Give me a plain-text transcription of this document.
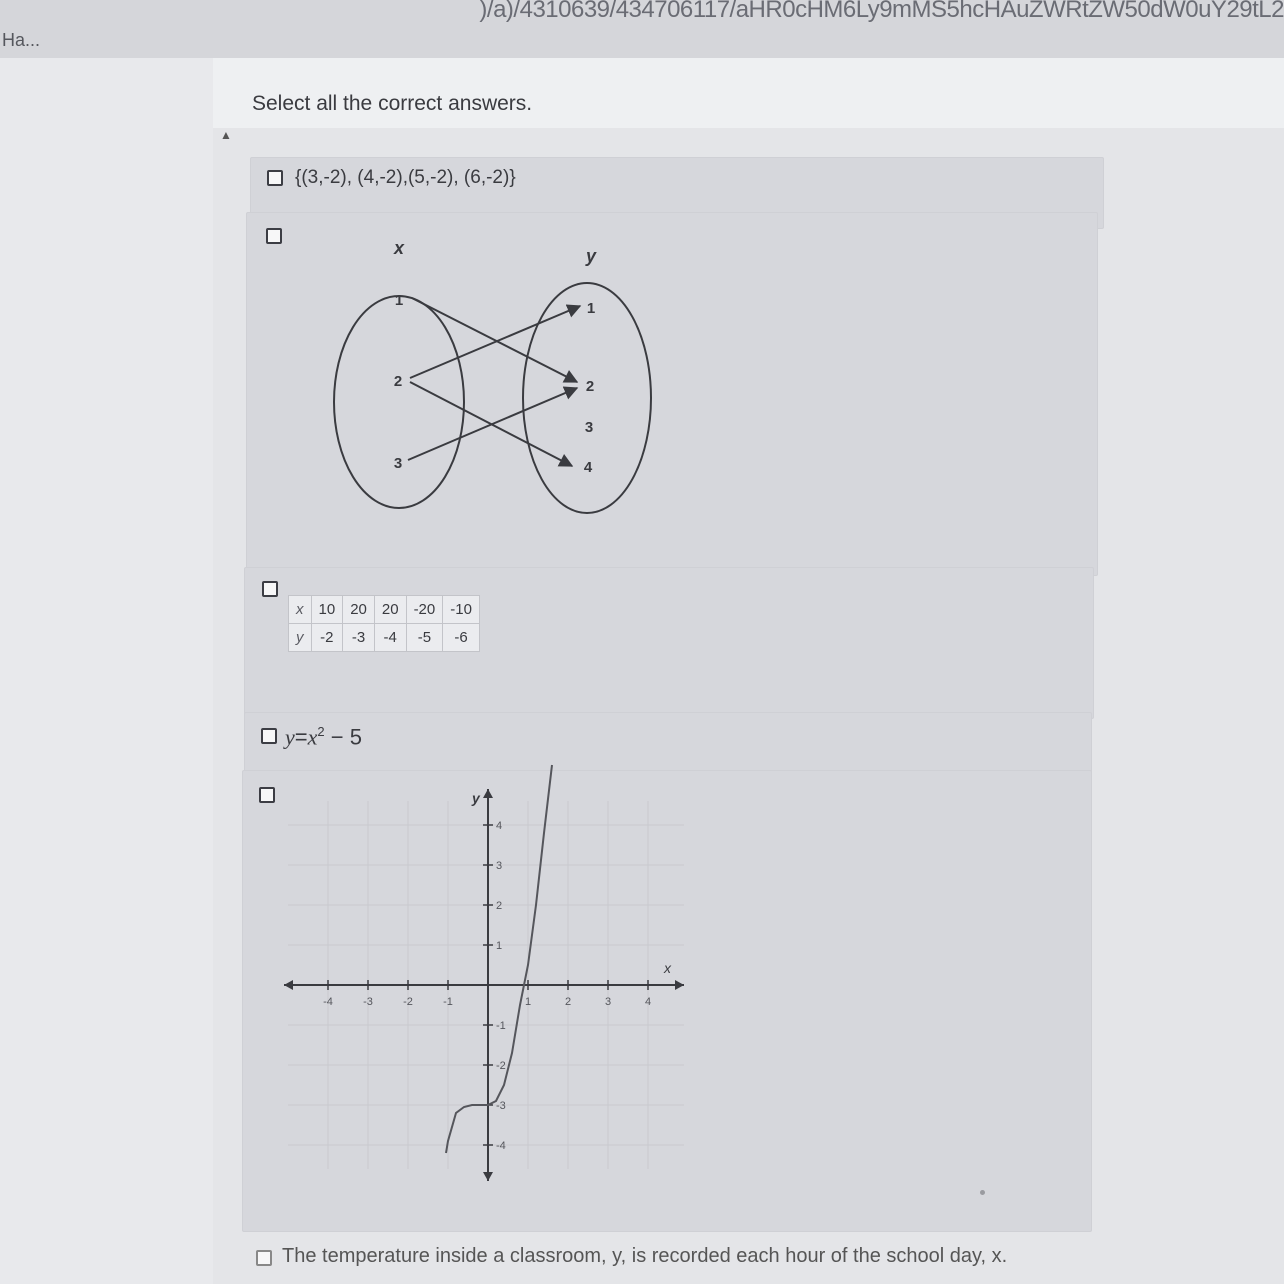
)/a)/4310639/434706117/aHR0cHM6Ly9mMS5hcHAuZWRtZW50dW0uY29tL2
Ha...
Select all the correct answers.
▲
{(3,-2), (4,-2),(5,-2), (6,-2)}
x	y
1
2
3
1
2
3
4
x	10	20	20	-20	-10
y	-2	-3	-4	-5	-6
$y=x^2 - 5$
x
y
-4	-3	-2	-1	1	2	3	4
1
2
3
4
-1
-2
-3
-4
The temperature inside a classroom, y, is recorded each hour of the school day, x.
